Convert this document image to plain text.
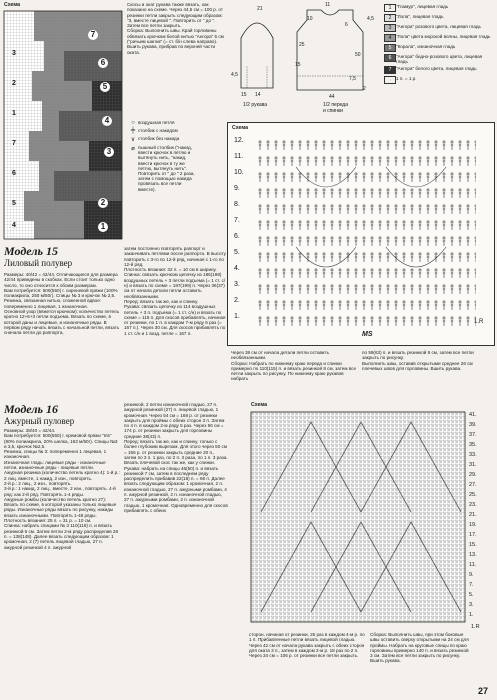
Схема
7
6
5
4
3
2
1
3
2
1
7
6
5
4
Скосы и окат рукава также вязать, как показано на схеме. Через 44,5 см = 100 р. от резинки петли закрыть следующим образом: "3, вместе лицевой ". Повторить от " до ". Затем все петли закрыть.
Сборка: Выполнить швы. Край горловины обвязать крючком белой нитью "Ангора" 5 см ("рачьим шагом" (= ст. б/н слева направо). Вшить рукава, прибрав по верхней части оката.
21
4,5
15 14
1/2 рукава
11
4,5
50
44
25
15
7,5
10
6
2
1/2 переда
и спинки
1	"Гламур", лицевая гладь
2	"Лола", лицевая гладь
3	"Ангора" розового цвета, лицевая гладь
4	"Лола" цвета морской волны, лицевая гладь
5	"Корала", изнаночная гладь
6	"Ангора" бедно-розового цвета, лицевая гладь
7	"Ангора" белого цвета, лицевая гладь
1 п. = 1 р.
○ воздушная петля
╪ столбик с накидом
∨ столбик без накида
⌀ пышный столбик ("накид, ввести крючок в петлю и вытянуть нить, "накид, ввести крючок в ту же петлю, вытянуть нить". Повторить от " до " 2 раза, затем с помощью накида провязать все петли вместе).
Схема
12.
11.
10.
9.
8.
7.
6.
5.
4.
3.
2.
1.
MS
1.R
Модель 15
Лиловый полувер
Размеры: 40/42 = 42/44. Отличающиеся для размера 42/44 приведены в скобках. Если стоит только одно число, то оно относится к обоим размерам.
Вам потребуется: 500(550) г. сиреневой пряжи (100% полиакрила, 250 м/50г). Спицы № 3 и крючок № 2,5.
Резинка, связанная нитью, сложенной вдвое: попеременно 1 лицевая, 1 изнаночная.
Основной узор (вяжется крючком): количество петель кратно 12+6+3 петли подъема. Вязать по схеме, в которой даны и лицевые, и изнаночные ряды. В первом ряду начать вязать с начальной петли, вязать сначала петли до раппорта,
затем постоянно повторять раппорт и заканчивать петлями после раппорта. В высоту повторить с 3-го по 12-й ряд, начиная с 1-го по 12-й ряд.
Плотность вязания: 32 п. = 10 см в ширину.
Спинка: связать крючком цепочку из 186(198) воздушных петель + 3 петли подъема (= 1 ст. с/н) и вязать по схеме = 187(199) п. Через 36(37) см от начала детали петли оставить необвязанными.
Перед: вязать так же, как и спинку.
Рукава: связать цепочку из 114 воздушных петель + 3 п. подъема (= 1 ст. с/н) и вязать по схеме = 115 п. Для скосов прибавлять, начиная от резинки, по 1 п. в каждом 7-м ряду 6 раз (= 167 п.). Через 30 см. Для скосов прибавлять по 1 ст. с/н и 1 возд. петле = 167 п.
Через 38 см от начала детали петли оставить необвязанными.
Сборка: Набрать по нижнему краю переда и спинки примерно по 110(115) п. и вязать резинкой 8 см, затем все петли закрыть по рисунку. По нижнему краю рукавов набрать
по 59(63) п. и вязать резинкой 8 см, затем все петли закрыть по рисунку.
Выполнить швы, оставив открытыми среднее 26 см плечевых швов для горловины. Вшить рукава.
Модель 16
Ажурный пуловер
Размеры: 38/40 = 42/44.
Вам потребуется: 500(550) г. кремовой пряжи "Iris" (80% полиакрила, 20% шелка, 163 м/50г). Спицы №3 и 3,5, крючок №2,5.
Резинка, спицы № 3: попеременно 1 лицевая, 1 изнаночная.
Изнаночная гладь: лицевые ряды - изнаночные петли, изнаночные ряды - лицевые петли.
Ажурная резинка (количество петель кратно 4): 1-й р.: 2 лиц. вместе, 1 накид, 2 изн., повторять.
2-й р.: 2 лиц., 2 изн., повторять.
3-й р.: 1 накид, 2 лиц., вместе, 2 изн., повторять. 4-й ряд: как 2-й ряд. Повторять 1-4 ряды.
Ажурные ромбы (количество петель кратно 27): Вязать по схеме, в которой указаны только лицевые ряды. Изнаночные ряды вязать по рисунку, накиды вязать изнаночными. Повторять 1-48 ряды.
Плотность вязания: 25 п. = 31 р. = 10 см.
Спинка: набрать спицами № 3 110(118) п. и вязать резинкой 6 см. Затем петли 2-м ряду распределив 28 п. = 138(148). Далее вязать следующим образом: 1 кромочная, 2 (7) петель лицевой гладью, 27 п. ажурной резинкой 4 п. ажурной
резинкой, 2 петли изнаночной гладью, 27 п. ажурной резинкой (27) п. лицевой гладью, 1 кромочная. Через 54 см = 168 р. от резинки закрыть для проймы с обеих сторон 3 п. Затем по 4 п. в каждом 2-м ряду 5 раз. Через 56 см = 174 р. от резинки закрыть для горловины средние 38(43) п.
Перед: вязать так же, как и спинку, только с более глубоким вырезом. Для этого через 50 см = 156 р. от резинки закрыть средние 20 п., затем по 3 п. 1 раз, по 2 п. 3 раза, по 1 п. 3 раза. Вязать плечевой скос так же, как у спинки.
Рукава: набрать на спицы 46(50) п. и вязать резинкой 7 см, затем в последнем ряду распределить прибавив 22(18) п. = 68 п. Далее вязать следующим образом: 1 кромочная, 2 п. изнаночной гладью, 27 п. ажурными ромбами, 4 п. ажурной резинкой, 2 п. изнаночной гладью, 27 п. ажурными ромбами, 2 п. изнаночной гладью, 1 кромочная. Одновременно для скосов прибавлять с обеих
сторон, начиная от резинки, 26 раз в каждом 4-м р. по 1 п. Прибавленные петли вязать лицевой гладью. Через 42 см от начала рукава закрыть с обеих сторон для оката 3 п., затем в каждом 2-м р. 18 раз по 2 п. Через 34 см = 106 р. от резинки все петли закрыть.
Сборка: Выполнить швы, при этом боковые швы оставить сверху открытыми на 24 см для проймы. Набрать на круговые спицы по краю горловины примерно 140 п. и вязать резинкой 3 см. Затем все петли закрыть по рисунку. Вшить рукава.
Схема
41.
39.
37.
35.
33.
31.
29.
27.
25.
23.
21.
19.
17.
15.
13.
11.
9.
7.
5.
3.
1.
1.R
27
